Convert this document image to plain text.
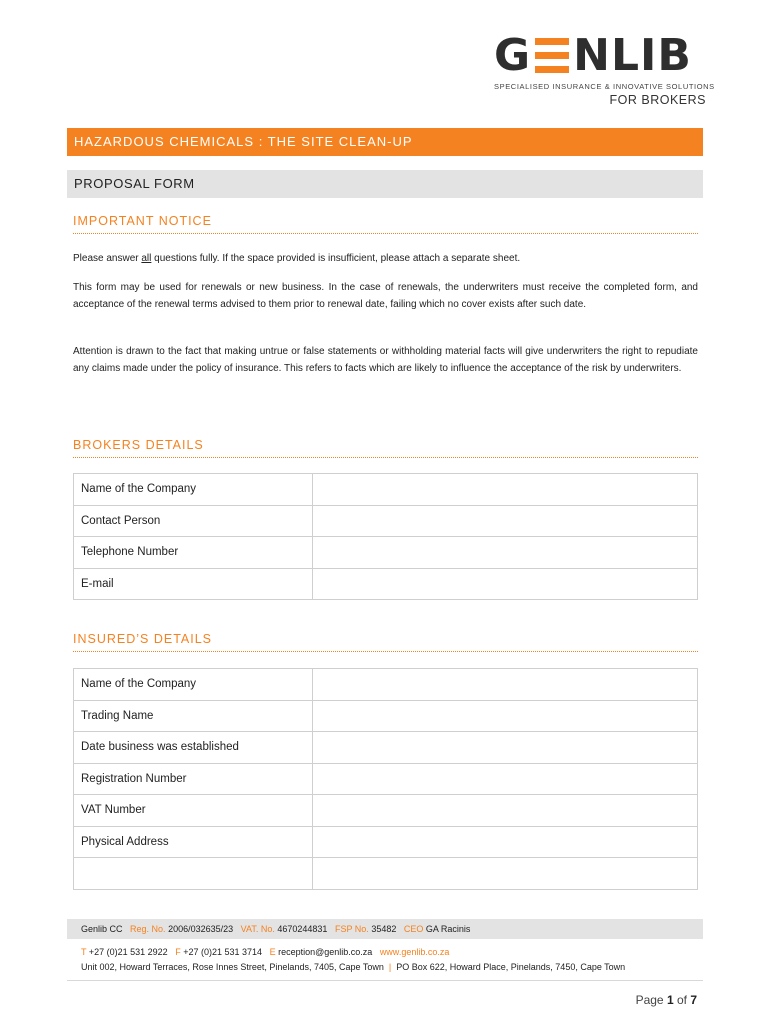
G NLIB
SPECIALISED INSURANCE & INNOVATIVE SOLUTIONS
FOR BROKERS
HAZARDOUS CHEMICALS : THE SITE CLEAN-UP
PROPOSAL FORM
IMPORTANT NOTICE
Please answer all questions fully. If the space provided is insufficient, please attach a separate sheet.
This form may be used for renewals or new business. In the case of renewals, the underwriters must receive the completed form, and acceptance of the renewal terms advised to them prior to renewal date, failing which no cover exists after such date.
Attention is drawn to the fact that making untrue or false statements or withholding material facts will give underwriters the right to repudiate any claims made under the policy of insurance. This refers to facts which are likely to influence the acceptance of the risk by underwriters.
BROKERS DETAILS
Name of the Company	
Contact Person	
Telephone Number	
E-mail	
INSURED’S DETAILS
Name of the Company	
Trading Name	
Date business was established	
Registration Number	
VAT Number	
Physical Address	

Genlib CC Reg. No. 2006/032635/23 VAT. No. 4670244831 FSP No. 35482 CEO GA Racinis
T +27 (0)21 531 2922 F +27 (0)21 531 3714 E reception@genlib.co.za www.genlib.co.za
Unit 002, Howard Terraces, Rose Innes Street, Pinelands, 7405, Cape Town | PO Box 622, Howard Place, Pinelands, 7450, Cape Town
Page 1 of 7
